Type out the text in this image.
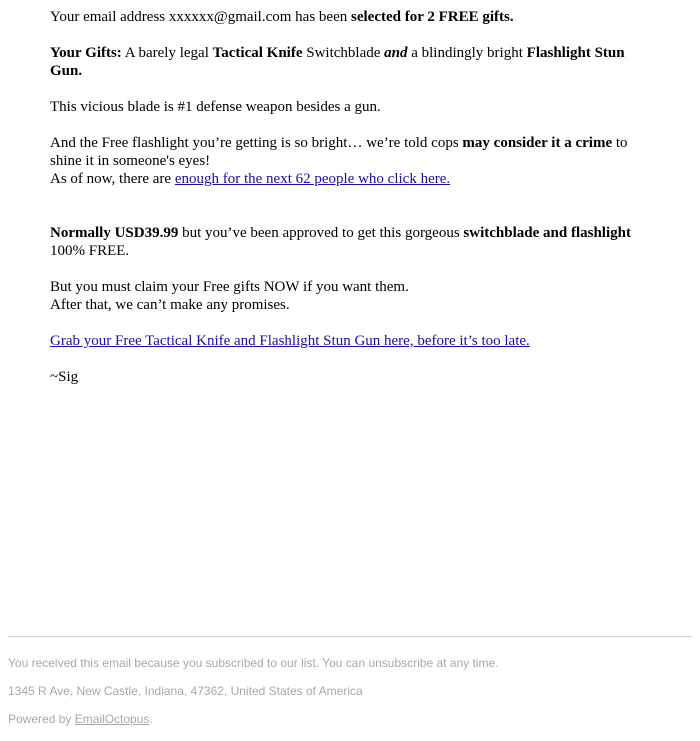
Your email address xxxxxx@gmail.com has been selected for 2 FREE gifts.

Your Gifts: A barely legal Tactical Knife Switchblade and a blindingly bright Flashlight Stun Gun.

This vicious blade is #1 defense weapon besides a gun.

And the Free flashlight you’re getting is so bright… we’re told cops may consider it a crime to shine it in someone's eyes!
As of now, there are enough for the next 62 people who click here.

Normally USD39.99 but you’ve been approved to get this gorgeous switchblade and flashlight 100% FREE.

But you must claim your Free gifts NOW if you want them.
After that, we can’t make any promises.

Grab your Free Tactical Knife and Flashlight Stun Gun here, before it’s too late.

~Sig

You received this email because you subscribed to our list. You can unsubscribe at any time.
1345 R Ave, New Castle, Indiana, 47362, United States of America
Powered by EmailOctopus.
